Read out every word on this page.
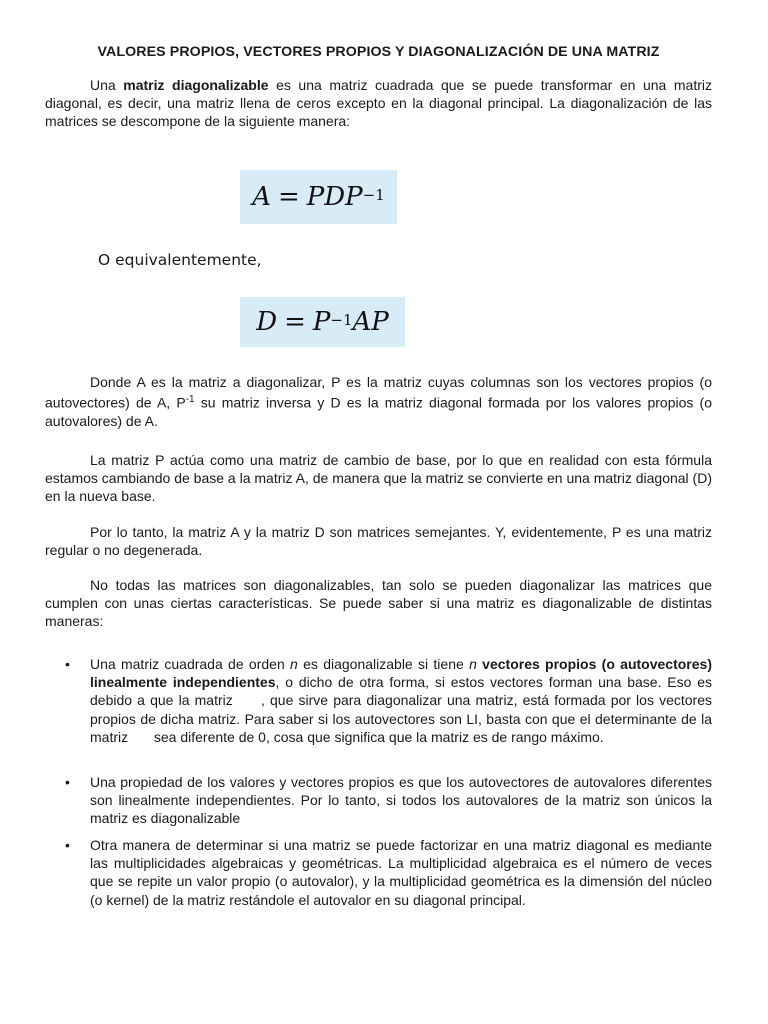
VALORES PROPIOS, VECTORES PROPIOS Y DIAGONALIZACIÓN DE UNA MATRIZ

Una matriz diagonalizable es una matriz cuadrada que se puede transformar en una matriz diagonal, es decir, una matriz llena de ceros excepto en la diagonal principal. La diagonalización de las matrices se descompone de la siguiente manera:

$A = PDP^{-1}$

O equivalentemente,

$D = P^{-1}$ AP

Donde A es la matriz a diagonalizar, P es la matriz cuyas columnas son los vectores propios (o autovectores) de A, $P^{-1}$ su matriz inversa y D es la matriz diagonal formada por los valores propios (o autovalores) de A.

La matriz P actúa como una matriz de cambio de base, por lo que en realidad con esta fórmula estamos cambiando de base a la matriz A, de manera que la matriz se convierte en una matriz diagonal (D) en la nueva base.

Por lo tanto, la matriz A y la matriz D son matrices semejantes. Y, evidentemente, P es una matriz regular o no degenerada.

No todas las matrices son diagonalizables, tan solo se pueden diagonalizar las matrices que cumplen con unas ciertas características. Se puede saber si una matriz es diagonalizable de distintas maneras:

• Una matriz cuadrada de orden n es diagonalizable si tiene n vectores propios (o autovectores) linealmente independientes, o dicho de otra forma, si estos vectores forman una base. Eso es debido a que la matriz  , que sirve para diagonalizar una matriz, está formada por los vectores propios de dicha matriz. Para saber si los autovectores son LI, basta con que el determinante de la matriz  sea diferente de 0, cosa que significa que la matriz es de rango máximo.
• Una propiedad de los valores y vectores propios es que los autovectores de autovalores diferentes son linealmente independientes. Por lo tanto, si todos los autovalores de la matriz son únicos la matriz es diagonalizable
• Otra manera de determinar si una matriz se puede factorizar en una matriz diagonal es mediante las multiplicidades algebraicas y geométricas. La multiplicidad algebraica es el número de veces que se repite un valor propio (o autovalor), y la multiplicidad geométrica es la dimensión del núcleo (o kernel) de la matriz restándole el autovalor en su diagonal principal.
